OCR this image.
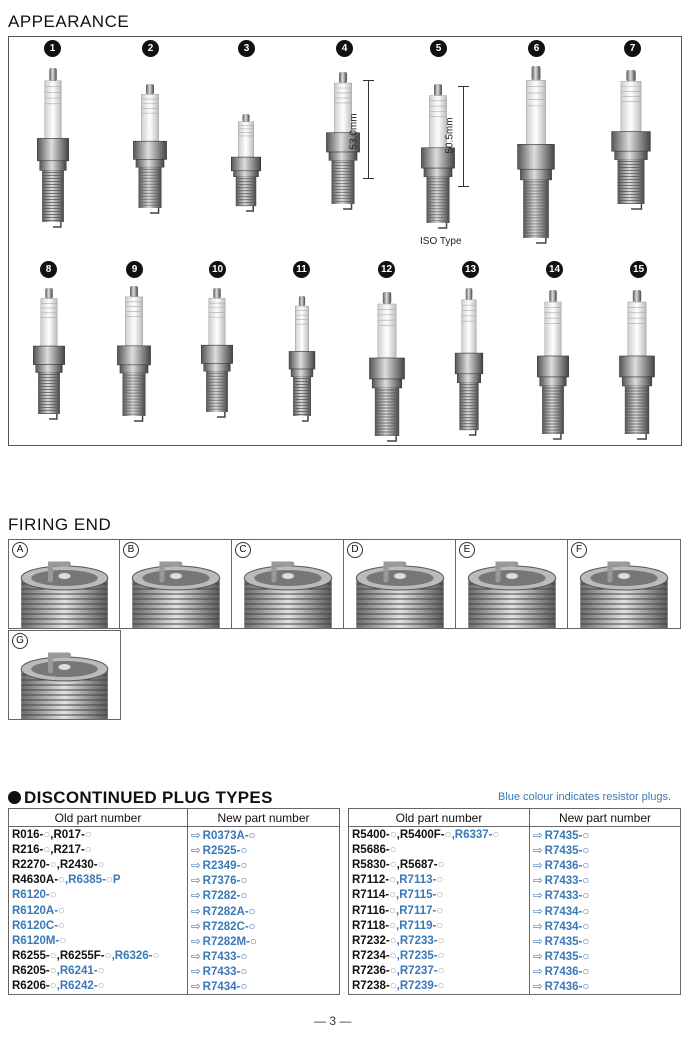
APPEARANCE
1	2	3	4	5	6	7
8	9	10	11	12	13	14	15
53.0mm	50.5mm
ISO Type
FIRING END
A	B	C	D	E	F
G
DISCONTINUED PLUG TYPES	Blue colour indicates resistor plugs.
Old part number	New part number
R016-○,R017-○	⇨ R0373A-○
R216-○,R217-○	⇨ R2525-○
R2270-○,R2430-○	⇨ R2349-○
R4630A-○,R6385-○P	⇨ R7376-○
R6120-○	⇨ R7282-○
R6120A-○	⇨ R7282A-○
R6120C-○	⇨ R7282C-○
R6120M-○	⇨ R7282M-○
R6255-○,R6255F-○,R6326-○	⇨ R7433-○
R6205-○,R6241-○	⇨ R7433-○
R6206-○,R6242-○	⇨ R7434-○
Old part number	New part number
R5400-○,R5400F-○,R6337-○	⇨ R7435-○
R5686-○	⇨ R7435-○
R5830-○,R5687-○	⇨ R7436-○
R7112-○,R7113-○	⇨ R7433-○
R7114-○,R7115-○	⇨ R7433-○
R7116-○,R7117-○	⇨ R7434-○
R7118-○,R7119-○	⇨ R7434-○
R7232-○,R7233-○	⇨ R7435-○
R7234-○,R7235-○	⇨ R7435-○
R7236-○,R7237-○	⇨ R7436-○
R7238-○,R7239-○	⇨ R7436-○
— 3 —
